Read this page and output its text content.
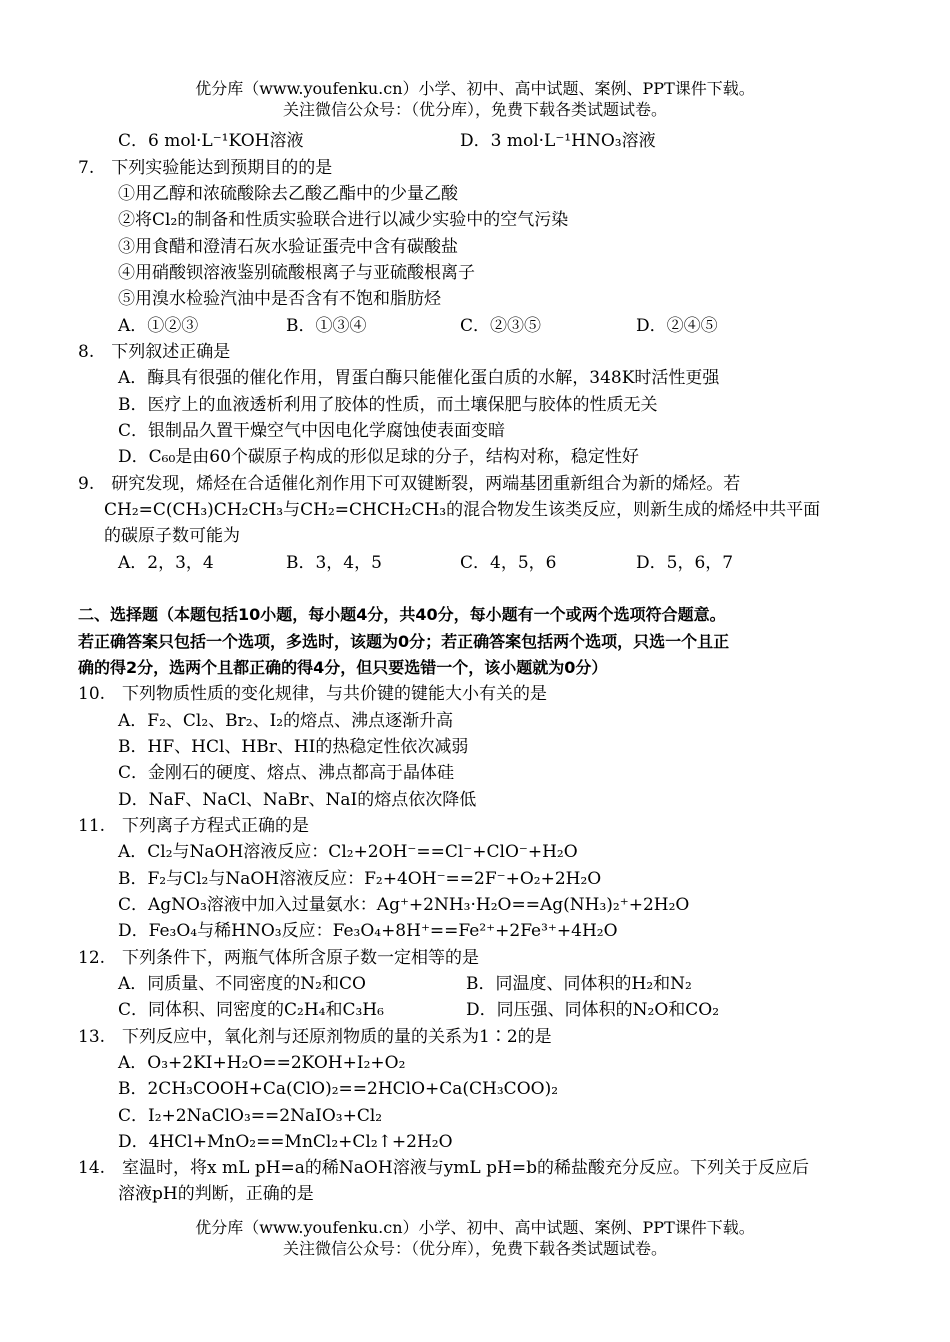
优分库（www.youfenku.cn）小学、初中、高中试题、案例、PPT课件下载。
关注微信公众号：（优分库），免费下载各类试题试卷。
C．6 mol·L⁻¹KOH溶液	D．3 mol·L⁻¹HNO₃溶液
7.　下列实验能达到预期目的的是
①用乙醇和浓硫酸除去乙酸乙酯中的少量乙酸
②将Cl₂的制备和性质实验联合进行以减少实验中的空气污染
③用食醋和澄清石灰水验证蛋壳中含有碳酸盐
④用硝酸钡溶液鉴别硫酸根离子与亚硫酸根离子
⑤用溴水检验汽油中是否含有不饱和脂肪烃
A．①②③	B．①③④	C．②③⑤	D．②④⑤
8.　下列叙述正确是
A．酶具有很强的催化作用，胃蛋白酶只能催化蛋白质的水解，348K时活性更强
B．医疗上的血液透析利用了胶体的性质，而土壤保肥与胶体的性质无关
C．银制品久置干燥空气中因电化学腐蚀使表面变暗
D．C₆₀是由60个碳原子构成的形似足球的分子，结构对称，稳定性好
9.　研究发现，烯烃在合适催化剂作用下可双键断裂，两端基团重新组合为新的烯烃。若
CH₂=C(CH₃)CH₂CH₃与CH₂=CHCH₂CH₃的混合物发生该类反应，则新生成的烯烃中共平面
的碳原子数可能为
A．2，3，4	B．3，4，5	C．4，5，6	D．5，6，7
二、选择题（本题包括10小题，每小题4分，共40分，每小题有一个或两个选项符合题意。
若正确答案只包括一个选项，多选时，该题为0分；若正确答案包括两个选项，只选一个且正
确的得2分，选两个且都正确的得4分，但只要选错一个，该小题就为0分）
10.　下列物质性质的变化规律，与共价键的键能大小有关的是
A．F₂、Cl₂、Br₂、I₂的熔点、沸点逐渐升高
B．HF、HCl、HBr、HI的热稳定性依次减弱
C．金刚石的硬度、熔点、沸点都高于晶体硅
D．NaF、NaCl、NaBr、NaI的熔点依次降低
11.　下列离子方程式正确的是
A．Cl₂与NaOH溶液反应：Cl₂+2OH⁻==Cl⁻+ClO⁻+H₂O
B．F₂与Cl₂与NaOH溶液反应：F₂+4OH⁻==2F⁻+O₂+2H₂O
C．AgNO₃溶液中加入过量氨水：Ag⁺+2NH₃·H₂O==Ag(NH₃)₂⁺+2H₂O
D．Fe₃O₄与稀HNO₃反应：Fe₃O₄+8H⁺==Fe²⁺+2Fe³⁺+4H₂O
12.　下列条件下，两瓶气体所含原子数一定相等的是
A．同质量、不同密度的N₂和CO	B．同温度、同体积的H₂和N₂
C．同体积、同密度的C₂H₄和C₃H₆	D．同压强、同体积的N₂O和CO₂
13.　下列反应中，氧化剂与还原剂物质的量的关系为1∶2的是
A．O₃+2KI+H₂O==2KOH+I₂+O₂
B．2CH₃COOH+Ca(ClO)₂==2HClO+Ca(CH₃COO)₂
C．I₂+2NaClO₃==2NaIO₃+Cl₂
D．4HCl+MnO₂==MnCl₂+Cl₂↑+2H₂O
14.　室温时，将x mL pH=a的稀NaOH溶液与ymL pH=b的稀盐酸充分反应。下列关于反应后
溶液pH的判断，正确的是
优分库（www.youfenku.cn）小学、初中、高中试题、案例、PPT课件下载。
关注微信公众号：（优分库），免费下载各类试题试卷。
